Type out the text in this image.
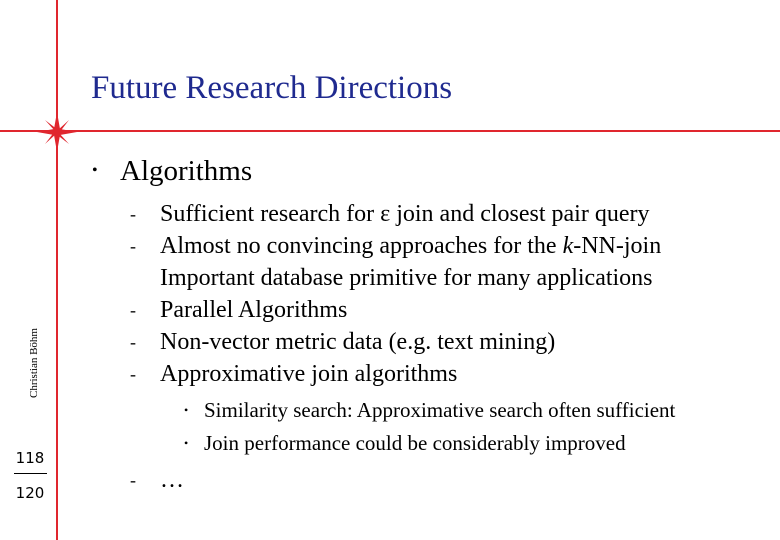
Future Research Directions
Christian Böhm
118
120
• Algorithms
- Sufficient research for ε join and closest pair query
- Almost no convincing approaches for the k-NN-join
Important database primitive for many applications
- Parallel Algorithms
- Non-vector metric data (e.g. text mining)
- Approximative join algorithms
• Similarity search: Approximative search often sufficient
• Join performance could be considerably improved
- …
